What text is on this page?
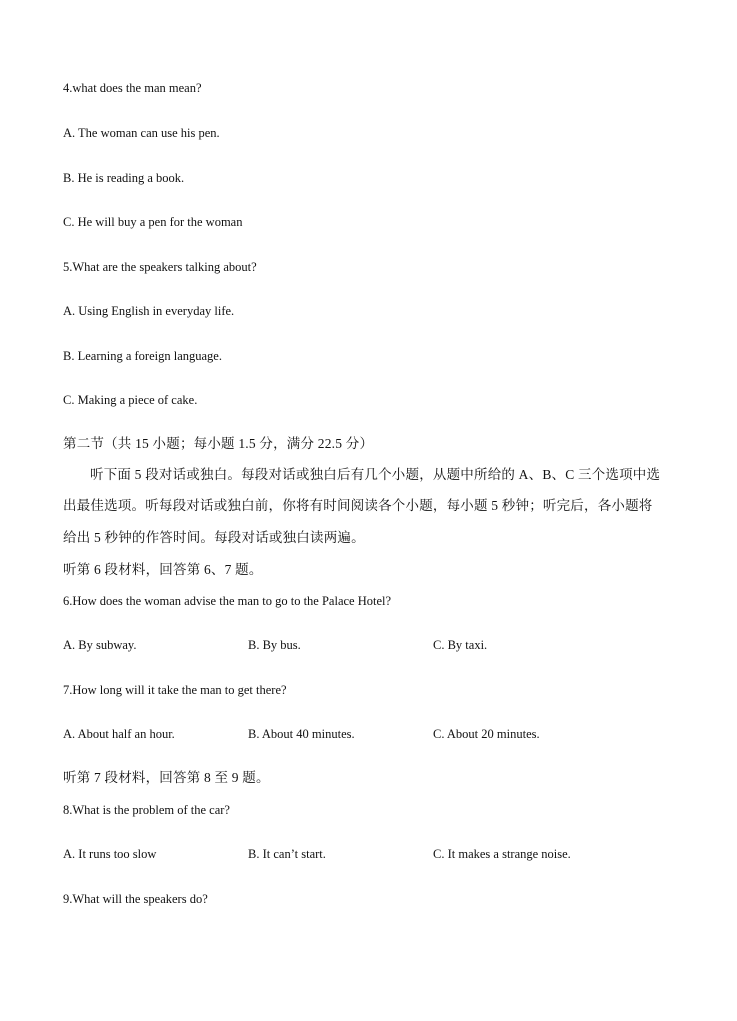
4.what does the man mean?
A. The woman can use his pen.
B. He is reading a book.
C. He will buy a pen for the woman
5.What are the speakers talking about?
A. Using English in everyday life.
B. Learning a foreign language.
C. Making a piece of cake.
第二节（共 15 小题；每小题 1.5 分，满分 22.5 分）
听下面 5 段对话或独白。每段对话或独白后有几个小题，从题中所给的 A、B、C 三个选项中选
出最佳选项。听每段对话或独白前，你将有时间阅读各个小题，每小题 5 秒钟；听完后，各小题将
给出 5 秒钟的作答时间。每段对话或独白读两遍。
听第 6 段材料，回答第 6、7 题。
6.How does the woman advise the man to go to the Palace Hotel?
A. By subway.	B. By bus.	C. By taxi.
7.How long will it take the man to get there?
A. About half an hour.	B. About 40 minutes.	C. About 20 minutes.
听第 7 段材料，回答第 8 至 9 题。
8.What is the problem of the car?
A. It runs too slow	B. It can’t start.	C. It makes a strange noise.
9.What will the speakers do?
